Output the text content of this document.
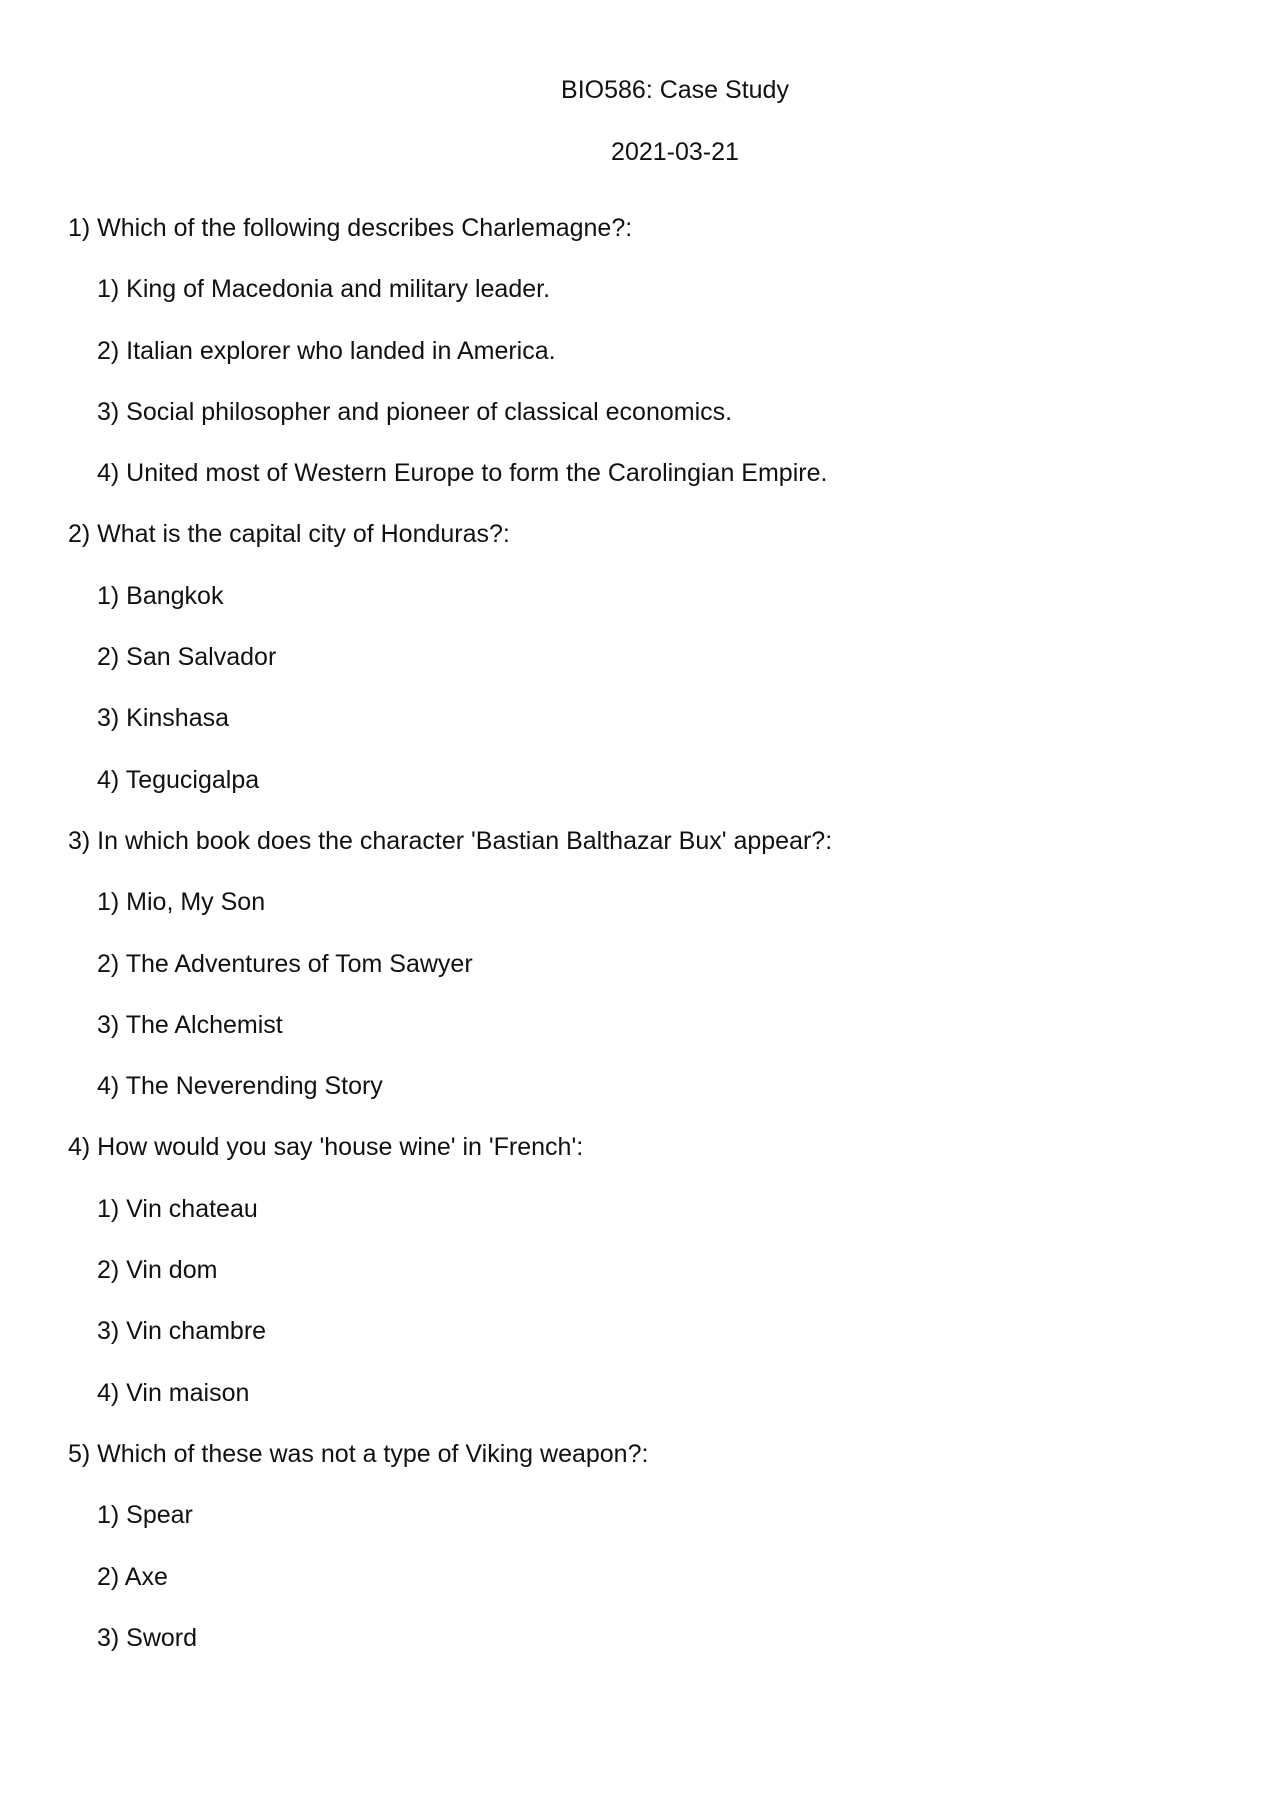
BIO586: Case Study
2021-03-21
1) Which of the following describes Charlemagne?:
1) King of Macedonia and military leader.
2) Italian explorer who landed in America.
3) Social philosopher and pioneer of classical economics.
4) United most of Western Europe to form the Carolingian Empire.
2) What is the capital city of Honduras?:
1) Bangkok
2) San Salvador
3) Kinshasa
4) Tegucigalpa
3) In which book does the character 'Bastian Balthazar Bux' appear?:
1) Mio, My Son
2) The Adventures of Tom Sawyer
3) The Alchemist
4) The Neverending Story
4) How would you say 'house wine' in 'French':
1) Vin chateau
2) Vin dom
3) Vin chambre
4) Vin maison
5) Which of these was not a type of Viking weapon?:
1) Spear
2) Axe
3) Sword
